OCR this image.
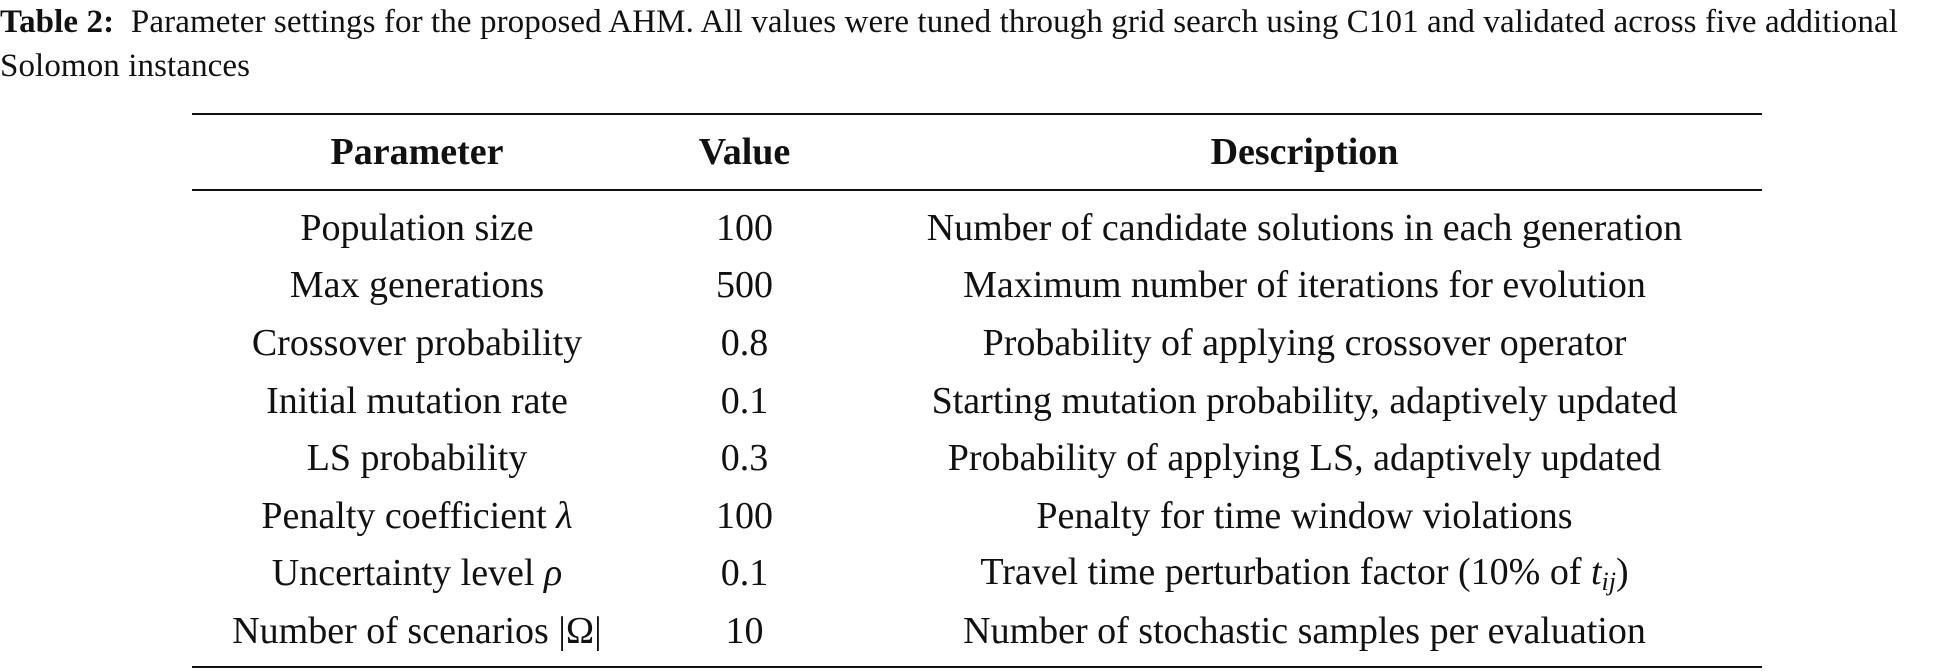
Table 2: Parameter settings for the proposed AHM. All values were tuned through grid search using C101 and validated across five additional Solomon instances

Parameter	Value	Description
Population size	100	Number of candidate solutions in each generation
Max generations	500	Maximum number of iterations for evolution
Crossover probability	0.8	Probability of applying crossover operator
Initial mutation rate	0.1	Starting mutation probability, adaptively updated
LS probability	0.3	Probability of applying LS, adaptively updated
Penalty coefficient λ	100	Penalty for time window violations
Uncertainty level ρ	0.1	Travel time perturbation factor (10% of $t_{ij}$)
Number of scenarios |Ω|	10	Number of stochastic samples per evaluation
